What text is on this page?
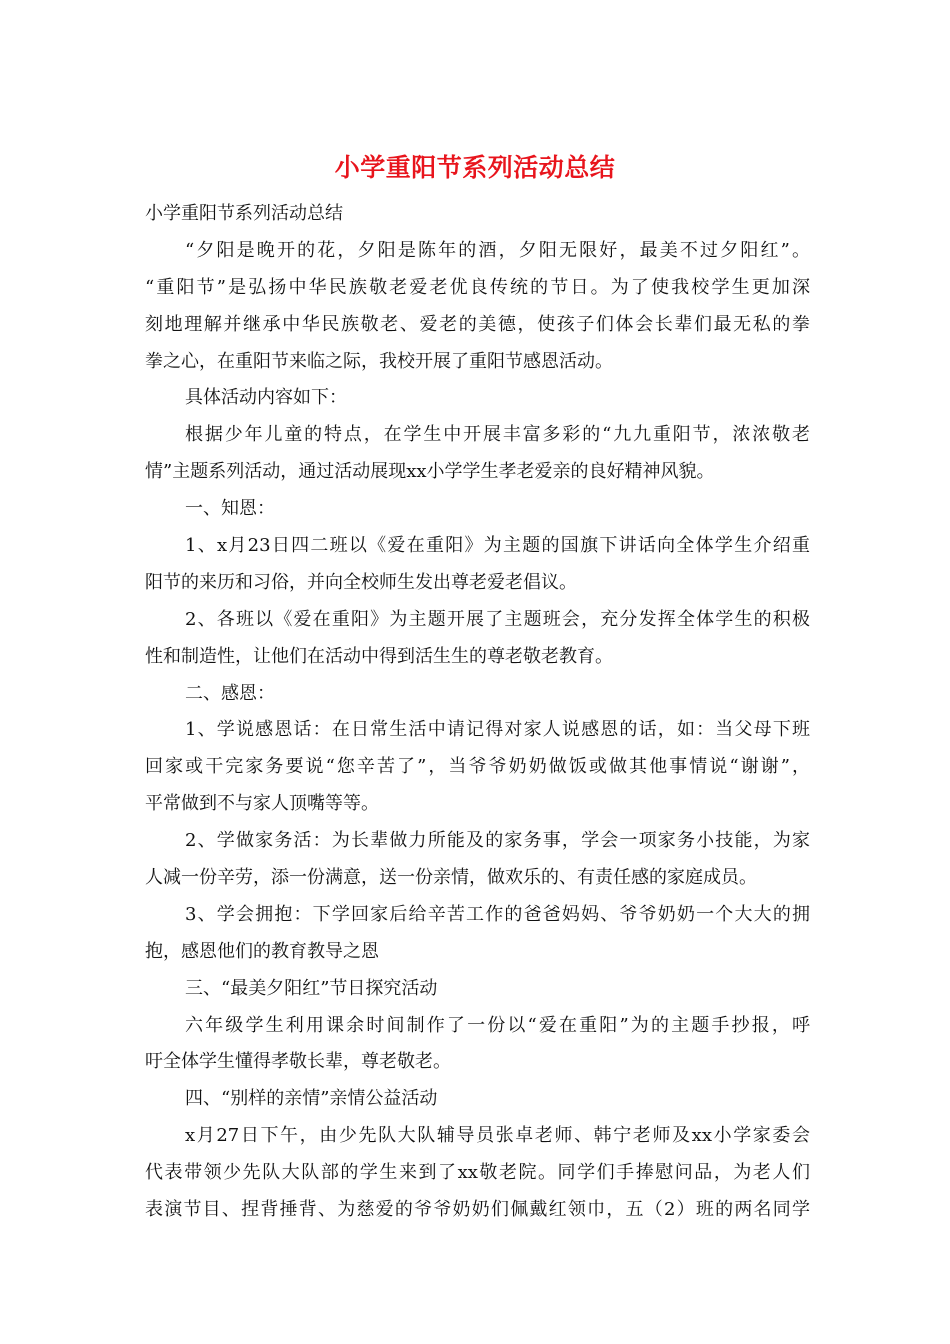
小学重阳节系列活动总结
小学重阳节系列活动总结
“夕阳是晚开的花，夕阳是陈年的酒，夕阳无限好，最美不过夕阳红”。
“重阳节”是弘扬中华民族敬老爱老优良传统的节日。为了使我校学生更加深
刻地理解并继承中华民族敬老、爱老的美德，使孩子们体会长辈们最无私的拳
拳之心，在重阳节来临之际，我校开展了重阳节感恩活动。
具体活动内容如下：
根据少年儿童的特点，在学生中开展丰富多彩的“九九重阳节，浓浓敬老
情”主题系列活动，通过活动展现xx小学学生孝老爱亲的良好精神风貌。
一、知恩：
1、x月23日四二班以《爱在重阳》为主题的国旗下讲话向全体学生介绍重
阳节的来历和习俗，并向全校师生发出尊老爱老倡议。
2、各班以《爱在重阳》为主题开展了主题班会，充分发挥全体学生的积极
性和制造性，让他们在活动中得到活生生的尊老敬老教育。
二、感恩：
1、学说感恩话：在日常生活中请记得对家人说感恩的话，如：当父母下班
回家或干完家务要说“您辛苦了”，当爷爷奶奶做饭或做其他事情说“谢谢”，
平常做到不与家人顶嘴等等。
2、学做家务活：为长辈做力所能及的家务事，学会一项家务小技能，为家
人减一份辛劳，添一份满意，送一份亲情，做欢乐的、有责任感的家庭成员。
3、学会拥抱：下学回家后给辛苦工作的爸爸妈妈、爷爷奶奶一个大大的拥
抱，感恩他们的教育教导之恩
三、“最美夕阳红”节日探究活动
六年级学生利用课余时间制作了一份以“爱在重阳”为的主题手抄报，呼
吁全体学生懂得孝敬长辈，尊老敬老。
四、“别样的亲情”亲情公益活动
x月27日下午，由少先队大队辅导员张卓老师、韩宁老师及xx小学家委会
代表带领少先队大队部的学生来到了xx敬老院。同学们手捧慰问品，为老人们
表演节目、捏背捶背、为慈爱的爷爷奶奶们佩戴红领巾，五（2）班的两名同学
